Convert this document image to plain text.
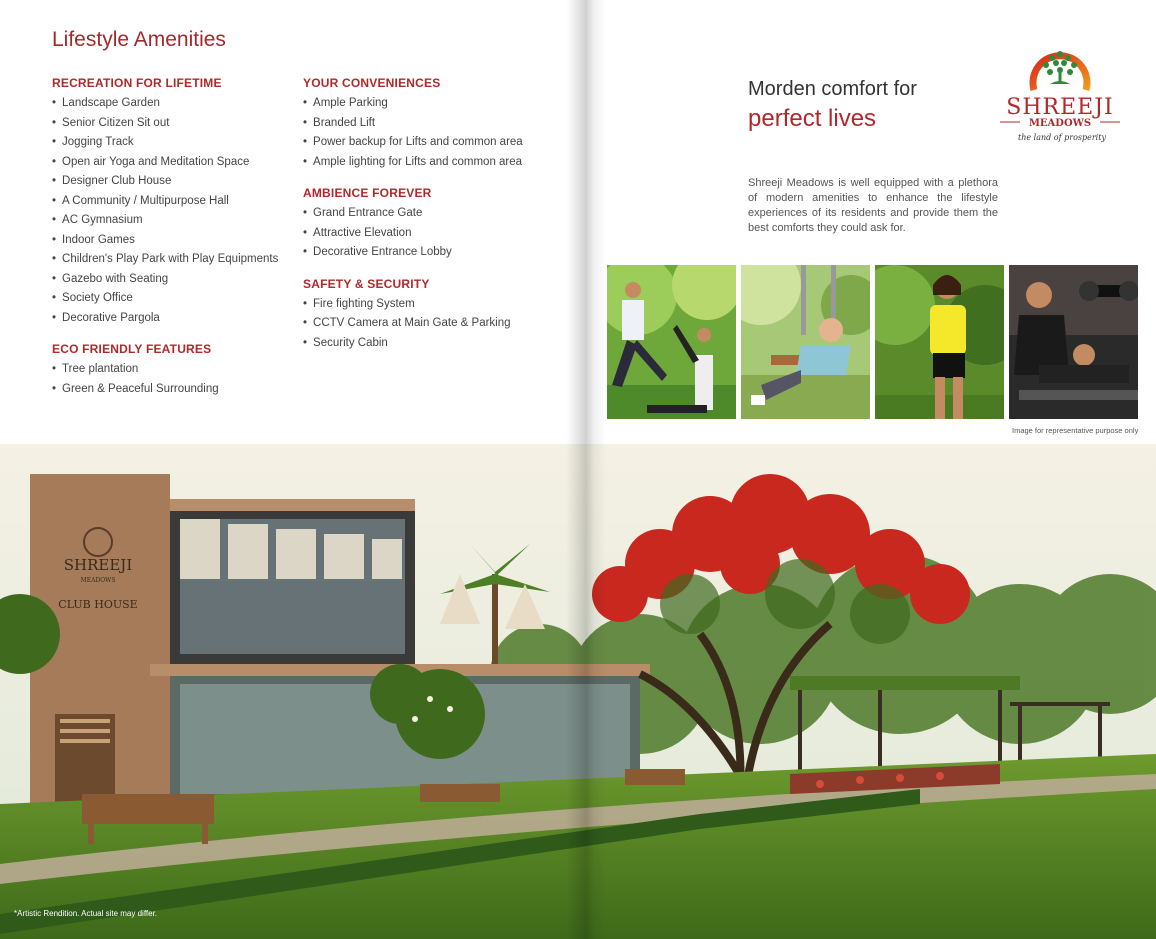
Lifestyle Amenities
RECREATION FOR LIFETIME
• Landscape Garden
• Senior Citizen Sit out
• Jogging Track
• Open air Yoga and Meditation Space
• Designer Club House
• A Community / Multipurpose Hall
• AC Gymnasium
• Indoor Games
• Children's Play Park with Play Equipments
• Gazebo with Seating
• Society Office
• Decorative Pargola
ECO FRIENDLY FEATURES
• Tree plantation
• Green & Peaceful Surrounding
YOUR CONVENIENCES
• Ample Parking
• Branded Lift
• Power backup for Lifts and common area
• Ample lighting for Lifts and common area
AMBIENCE FOREVER
• Grand Entrance Gate
• Attractive Elevation
• Decorative Entrance Lobby
SAFETY & SECURITY
• Fire fighting System
• CCTV Camera at Main Gate & Parking
• Security Cabin
Morden comfort for
perfect lives	SHREEJI
MEADOWS
the land of prosperity
Shreeji Meadows is well equipped with a plethora of modern amenities to enhance the lifestyle experiences of its residents and provide them the best comforts they could ask for.
Image for representative purpose only
SHREEJI
MEADOWS
CLUB HOUSE
*Artistic Rendition. Actual site may differ.
